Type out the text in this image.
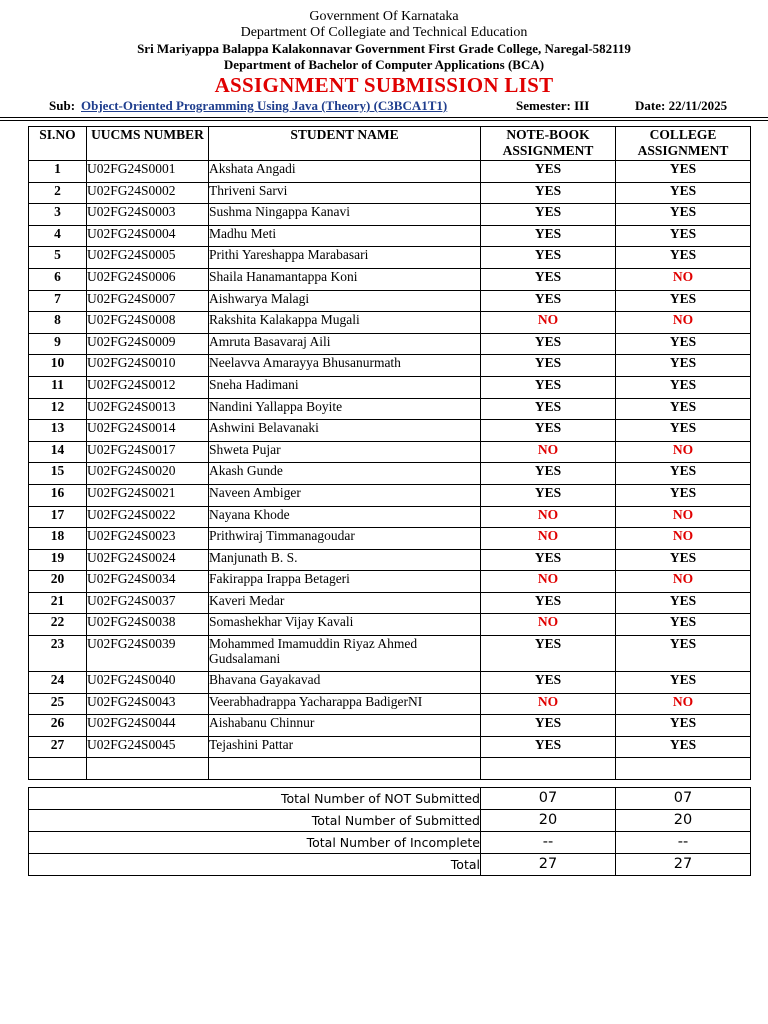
Government Of Karnataka
Department Of Collegiate and Technical Education
Sri Mariyappa Balappa Kalakonnavar Government First Grade College, Naregal-582119
Department of Bachelor of Computer Applications (BCA)
ASSIGNMENT SUBMISSION LIST
Sub: Object-Oriented Programming Using Java (Theory) (C3BCA1T1)	Semester: III	Date: 22/11/2025
SI.NO	UUCMS NUMBER	STUDENT NAME	NOTE-BOOK ASSIGNMENT	COLLEGE ASSIGNMENT
1	U02FG24S0001	Akshata Angadi	YES	YES
2	U02FG24S0002	Thriveni Sarvi	YES	YES
3	U02FG24S0003	Sushma Ningappa Kanavi	YES	YES
4	U02FG24S0004	Madhu Meti	YES	YES
5	U02FG24S0005	Prithi Yareshappa Marabasari	YES	YES
6	U02FG24S0006	Shaila Hanamantappa Koni	YES	NO
7	U02FG24S0007	Aishwarya Malagi	YES	YES
8	U02FG24S0008	Rakshita Kalakappa Mugali	NO	NO
9	U02FG24S0009	Amruta Basavaraj Aili	YES	YES
10	U02FG24S0010	Neelavva Amarayya Bhusanurmath	YES	YES
11	U02FG24S0012	Sneha Hadimani	YES	YES
12	U02FG24S0013	Nandini Yallappa Boyite	YES	YES
13	U02FG24S0014	Ashwini Belavanaki	YES	YES
14	U02FG24S0017	Shweta Pujar	NO	NO
15	U02FG24S0020	Akash Gunde	YES	YES
16	U02FG24S0021	Naveen Ambiger	YES	YES
17	U02FG24S0022	Nayana Khode	NO	NO
18	U02FG24S0023	Prithwiraj Timmanagoudar	NO	NO
19	U02FG24S0024	Manjunath B. S.	YES	YES
20	U02FG24S0034	Fakirappa Irappa Betageri	NO	NO
21	U02FG24S0037	Kaveri Medar	YES	YES
22	U02FG24S0038	Somashekhar Vijay Kavali	NO	YES
23	U02FG24S0039	Mohammed Imamuddin Riyaz Ahmed Gudsalamani	YES	YES
24	U02FG24S0040	Bhavana Gayakavad	YES	YES
25	U02FG24S0043	Veerabhadrappa Yacharappa BadigerNI	NO	NO
26	U02FG24S0044	Aishabanu Chinnur	YES	YES
27	U02FG24S0045	Tejashini Pattar	YES	YES

Total Number of NOT Submitted	07	07
Total Number of Submitted	20	20
Total Number of Incomplete	--	--
Total	27	27
